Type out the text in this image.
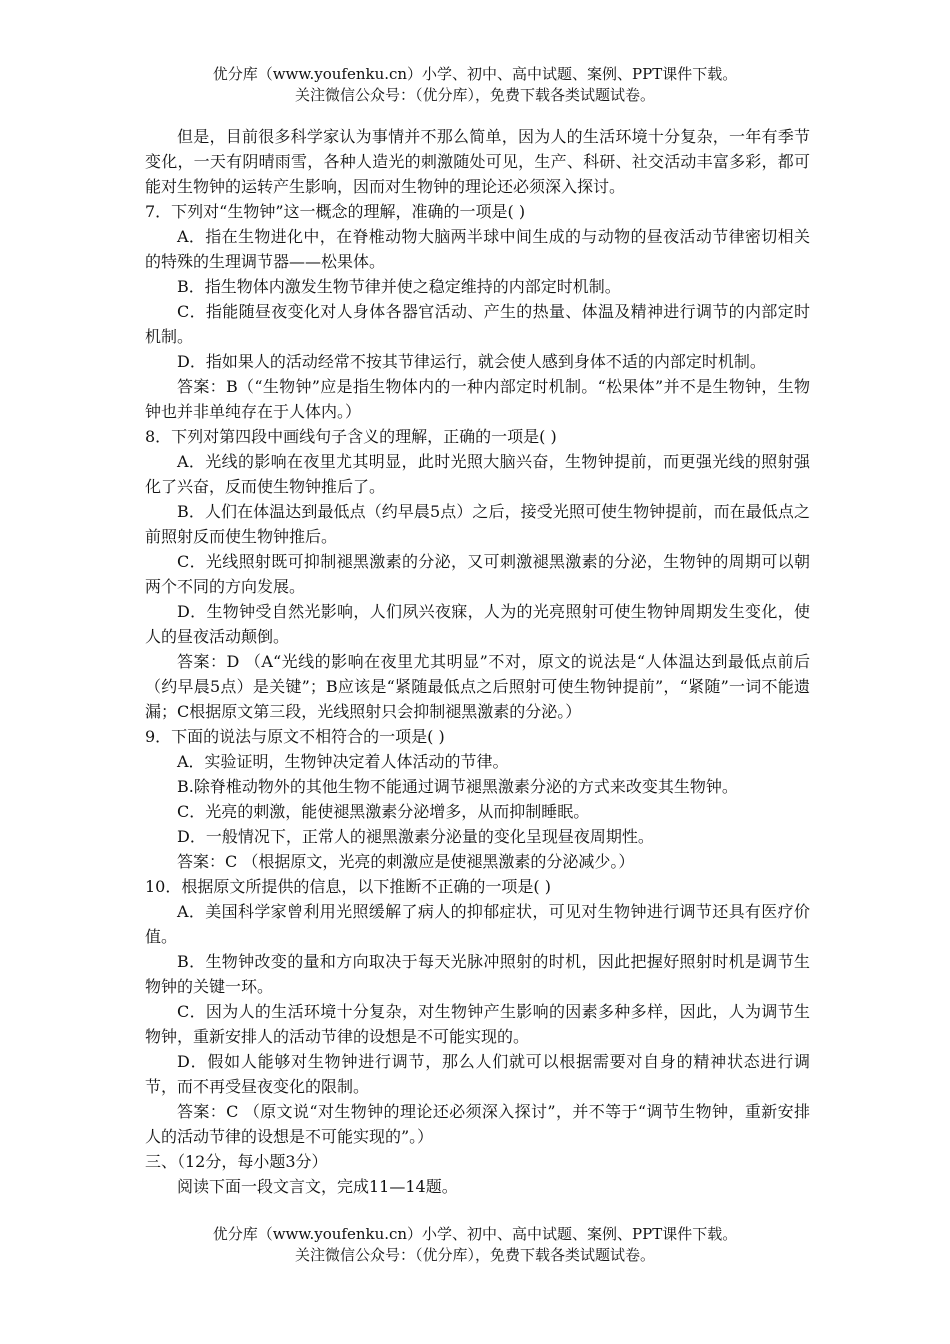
优分库（www.youfenku.cn）小学、初中、高中试题、案例、PPT课件下载。
关注微信公众号：（优分库），免费下载各类试题试卷。

但是，目前很多科学家认为事情并不那么简单，因为人的生活环境十分复杂，一年有季节变化，一天有阴晴雨雪，各种人造光的刺激随处可见，生产、科研、社交活动丰富多彩，都可能对生物钟的运转产生影响，因而对生物钟的理论还必须深入探讨。

7．下列对“生物钟”这一概念的理解，准确的一项是( )

A．指在生物进化中，在脊椎动物大脑两半球中间生成的与动物的昼夜活动节律密切相关的特殊的生理调节器——松果体。

B．指生物体内激发生物节律并使之稳定维持的内部定时机制。

C．指能随昼夜变化对人身体各器官活动、产生的热量、体温及精神进行调节的内部定时机制。

D．指如果人的活动经常不按其节律运行，就会使人感到身体不适的内部定时机制。

答案：B（“生物钟”应是指生物体内的一种内部定时机制。“松果体”并不是生物钟，生物钟也并非单纯存在于人体内。）

8．下列对第四段中画线句子含义的理解，正确的一项是( )

A．光线的影响在夜里尤其明显，此时光照大脑兴奋，生物钟提前，而更强光线的照射强化了兴奋，反而使生物钟推后了。

B．人们在体温达到最低点（约早晨5点）之后，接受光照可使生物钟提前，而在最低点之前照射反而使生物钟推后。

C．光线照射既可抑制褪黑激素的分泌，又可刺激褪黑激素的分泌，生物钟的周期可以朝两个不同的方向发展。

D．生物钟受自然光影响，人们夙兴夜寐，人为的光亮照射可使生物钟周期发生变化，使人的昼夜活动颠倒。

答案：D （A“光线的影响在夜里尤其明显”不对，原文的说法是“人体温达到最低点前后（约早晨5点）是关键”；B应该是“紧随最低点之后照射可使生物钟提前”，“紧随”一词不能遗漏；C根据原文第三段，光线照射只会抑制褪黑激素的分泌。）

9．下面的说法与原文不相符合的一项是( )

A．实验证明，生物钟决定着人体活动的节律。

B.除脊椎动物外的其他生物不能通过调节褪黑激素分泌的方式来改变其生物钟。

C．光亮的刺激，能使褪黑激素分泌增多，从而抑制睡眠。

D．一般情况下，正常人的褪黑激素分泌量的变化呈现昼夜周期性。

答案：C （根据原文，光亮的刺激应是使褪黑激素的分泌减少。）

10．根据原文所提供的信息，以下推断不正确的一项是( )

A．美国科学家曾利用光照缓解了病人的抑郁症状，可见对生物钟进行调节还具有医疗价值。

B．生物钟改变的量和方向取决于每天光脉冲照射的时机，因此把握好照射时机是调节生物钟的关键一环。

C．因为人的生活环境十分复杂，对生物钟产生影响的因素多种多样，因此，人为调节生物钟，重新安排人的活动节律的设想是不可能实现的。

D．假如人能够对生物钟进行调节，那么人们就可以根据需要对自身的精神状态进行调节，而不再受昼夜变化的限制。

答案：C （原文说“对生物钟的理论还必须深入探讨”，并不等于“调节生物钟，重新安排人的活动节律的设想是不可能实现的”。）

三、（12分，每小题3分）

阅读下面一段文言文，完成11—14题。

优分库（www.youfenku.cn）小学、初中、高中试题、案例、PPT课件下载。
关注微信公众号：（优分库），免费下载各类试题试卷。
